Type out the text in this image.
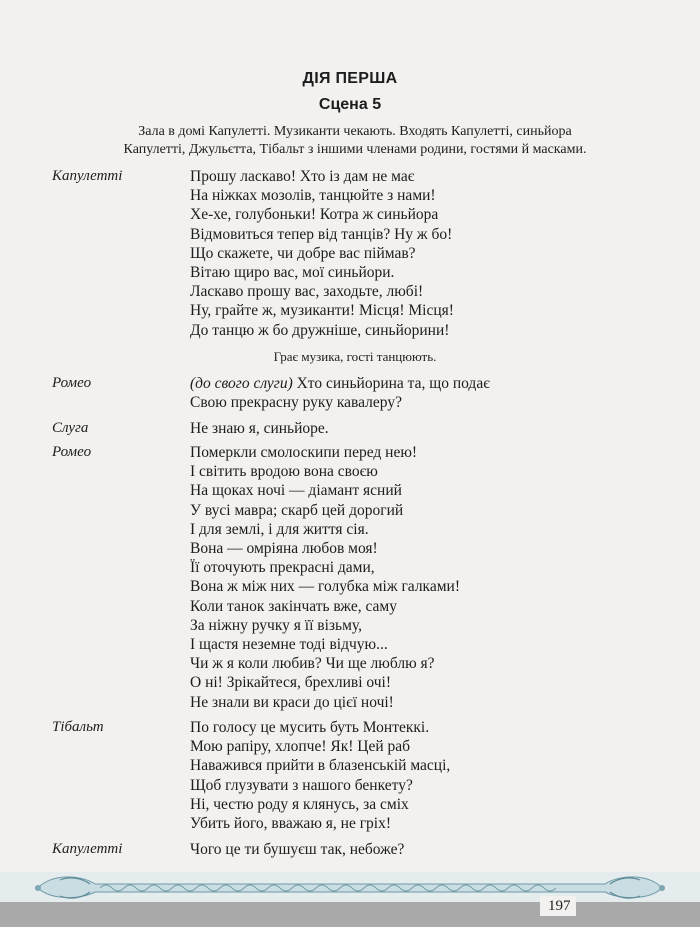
ДІЯ ПЕРША
Сцена 5
Зала в домі Капулетті. Музиканти чекають. Входять Капулетті, синьйора
Капулетті, Джульєтта, Тібальт з іншими членами родини, гостями й масками.
Капулетті	Прошу ласкаво! Хто із дам не має
На ніжках мозолів, танцюйте з нами!
Хе-хе, голубоньки! Котра ж синьйора
Відмовиться тепер від танців? Ну ж бо!
Що скажете, чи добре вас піймав?
Вітаю щиро вас, мої синьйори.
Ласкаво прошу вас, заходьте, любі!
Ну, грайте ж, музиканти! Місця! Місця!
До танцю ж бо дружніше, синьйорини!
Грає музика, гості танцюють.
Ромео	(до свого слуги) Хто синьйорина та, що подає
Свою прекрасну руку кавалеру?
Слуга	Не знаю я, синьйоре.
Ромео	Померкли смолоскипи перед нею!
І світить вродою вона своєю
На щоках ночі — діамант ясний
У вусі мавра; скарб цей дорогий
І для землі, і для життя сія.
Вона — омріяна любов моя!
Її оточують прекрасні дами,
Вона ж між них — голубка між галками!
Коли танок закінчать вже, саму
За ніжну ручку я її візьму,
І щастя неземне тоді відчую...
Чи ж я коли любив? Чи ще люблю я?
О ні! Зрікайтеся, брехливі очі!
Не знали ви краси до цієї ночі!
Тібальт	По голосу це мусить буть Монтеккі.
Мою рапіру, хлопче! Як! Цей раб
Наважився прийти в блазенській масці,
Щоб глузувати з нашого бенкету?
Ні, честю роду я клянусь, за сміх
Убить його, вважаю я, не гріх!
Капулетті	Чого це ти бушуєш так, небоже?
197
